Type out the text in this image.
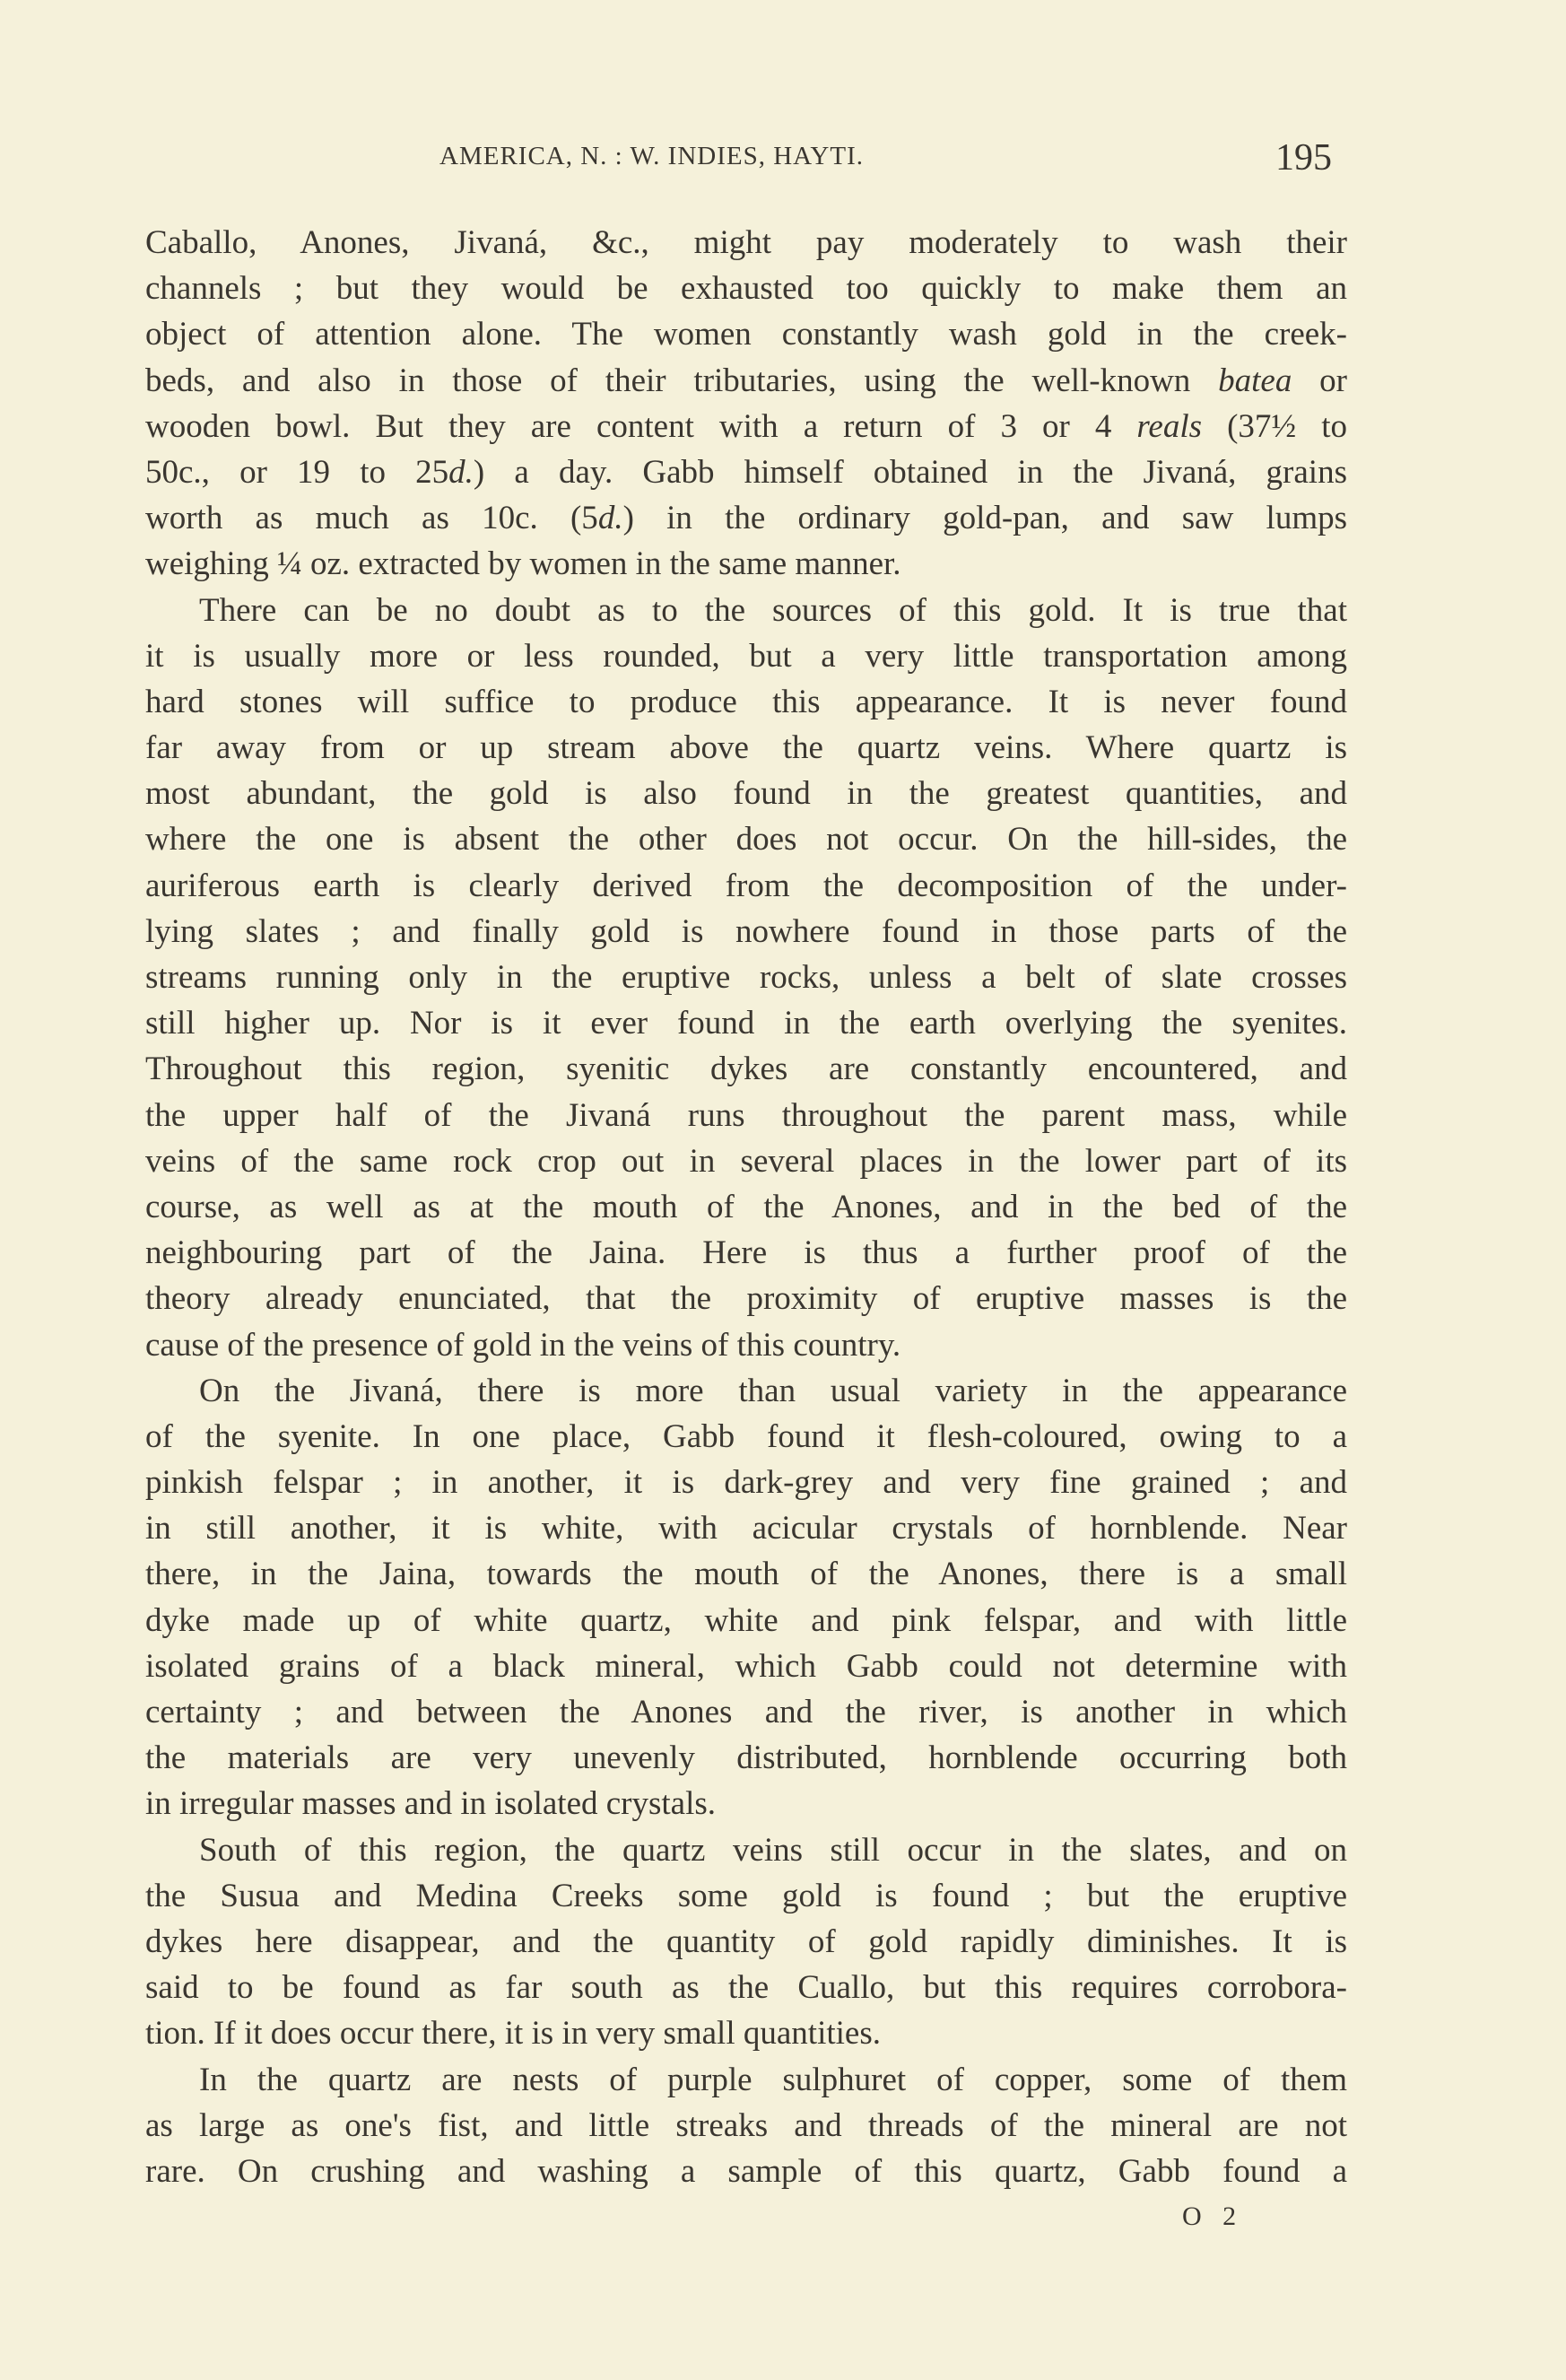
AMERICA, N. : W. INDIES, HAYTI.	195
Caballo, Anones, Jivaná, &c., might pay moderately to wash their
channels ; but they would be exhausted too quickly to make them an
object of attention alone. The women constantly wash gold in the creek-
beds, and also in those of their tributaries, using the well-known batea or
wooden bowl. But they are content with a return of 3 or 4 reals (37½ to
50c., or 19 to 25d.) a day. Gabb himself obtained in the Jivaná, grains
worth as much as 10c. (5d.) in the ordinary gold-pan, and saw lumps
weighing ¼ oz. extracted by women in the same manner.
There can be no doubt as to the sources of this gold. It is true that
it is usually more or less rounded, but a very little transportation among
hard stones will suffice to produce this appearance. It is never found
far away from or up stream above the quartz veins. Where quartz is
most abundant, the gold is also found in the greatest quantities, and
where the one is absent the other does not occur. On the hill-sides, the
auriferous earth is clearly derived from the decomposition of the under-
lying slates ; and finally gold is nowhere found in those parts of the
streams running only in the eruptive rocks, unless a belt of slate crosses
still higher up. Nor is it ever found in the earth overlying the syenites.
Throughout this region, syenitic dykes are constantly encountered, and
the upper half of the Jivaná runs throughout the parent mass, while
veins of the same rock crop out in several places in the lower part of its
course, as well as at the mouth of the Anones, and in the bed of the
neighbouring part of the Jaina. Here is thus a further proof of the
theory already enunciated, that the proximity of eruptive masses is the
cause of the presence of gold in the veins of this country.
On the Jivaná, there is more than usual variety in the appearance
of the syenite. In one place, Gabb found it flesh-coloured, owing to a
pinkish felspar ; in another, it is dark-grey and very fine grained ; and
in still another, it is white, with acicular crystals of hornblende. Near
there, in the Jaina, towards the mouth of the Anones, there is a small
dyke made up of white quartz, white and pink felspar, and with little
isolated grains of a black mineral, which Gabb could not determine with
certainty ; and between the Anones and the river, is another in which
the materials are very unevenly distributed, hornblende occurring both
in irregular masses and in isolated crystals.
South of this region, the quartz veins still occur in the slates, and on
the Susua and Medina Creeks some gold is found ; but the eruptive
dykes here disappear, and the quantity of gold rapidly diminishes. It is
said to be found as far south as the Cuallo, but this requires corrobora-
tion. If it does occur there, it is in very small quantities.
In the quartz are nests of purple sulphuret of copper, some of them
as large as one's fist, and little streaks and threads of the mineral are not
rare. On crushing and washing a sample of this quartz, Gabb found a
O 2
